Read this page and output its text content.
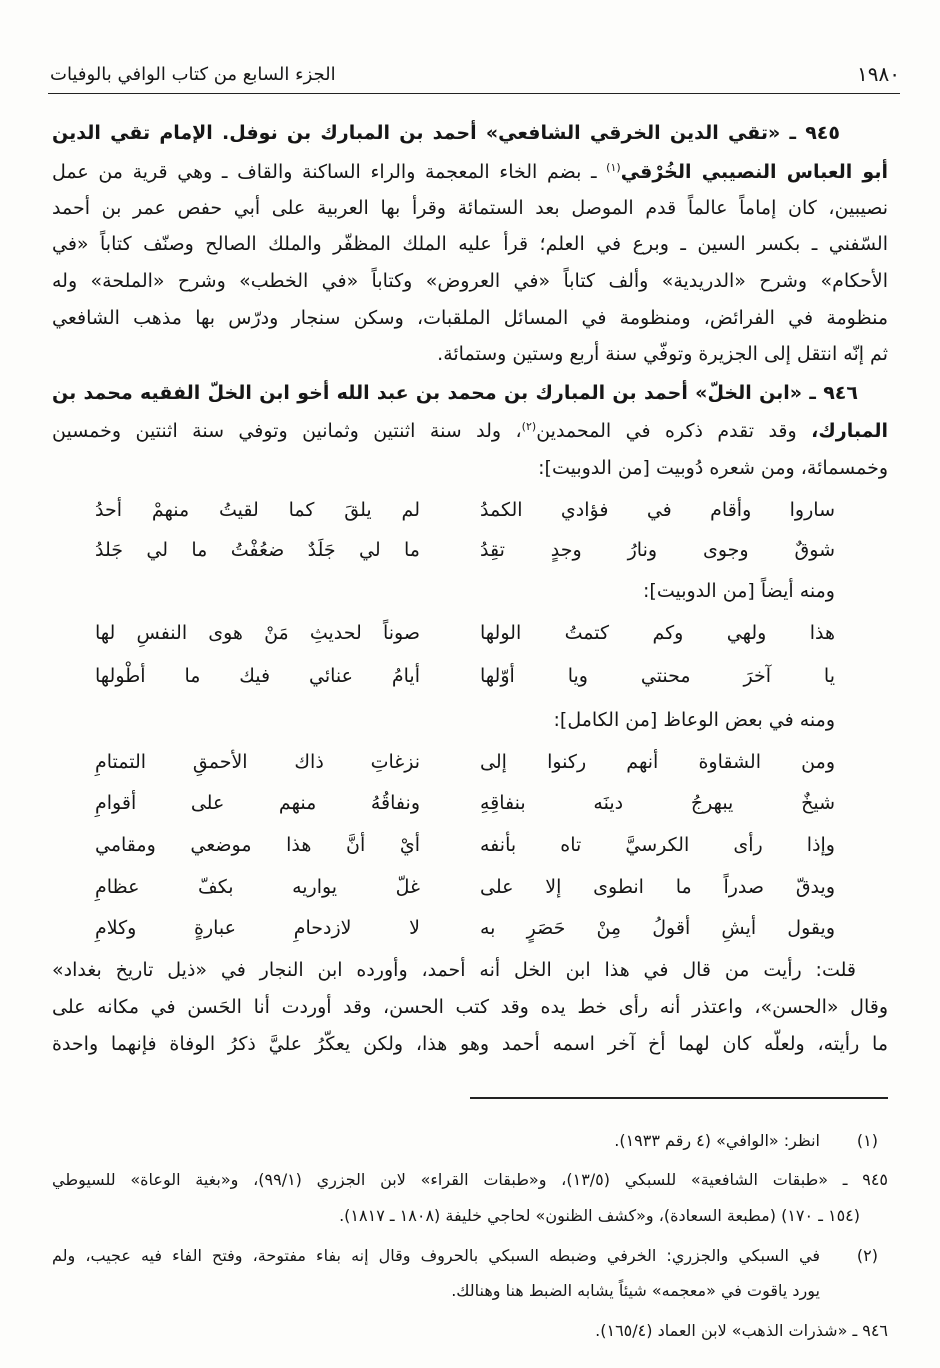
الجزء السابع من كتاب الوافي بالوفيات	١٩٨٠
٩٤٥ ـ «تقي الدين الخرقي الشافعي» أحمد بن المبارك بن نوفل. الإمام تقي الدين
أبو العباس النصيبي الخُرْقي$^{(١)}$ ـ بضم الخاء المعجمة والراء الساكنة والقاف ـ وهي قرية من عمل
نصيبين، كان إماماً عالماً قدم الموصل بعد الستمائة وقرأ بها العربية على أبي حفص عمر بن أحمد
السّفني ـ بكسر السين ـ وبرع في العلم؛ قرأ عليه الملك المظفّر والملك الصالح وصنّف كتاباً «في
الأحكام» وشرح «الدريدية» وألف كتاباً «في العروض» وكتاباً «في الخطب» وشرح «الملحة» وله
منظومة في الفرائض، ومنظومة في المسائل الملقبات، وسكن سنجار ودرّس بها مذهب الشافعي
ثم إنّه انتقل إلى الجزيرة وتوفّي سنة أربع وستين وستمائة.
٩٤٦ ـ «ابن الخلّ» أحمد بن المبارك بن محمد بن عبد الله أخو ابن الخلّ الفقيه محمد بن
المبارك، وقد تقدم ذكره في المحمدين$^{(٢)}$، ولد سنة اثنتين وثمانين وتوفي سنة اثنتين وخمسين
وخمسمائة، ومن شعره دُوبيت [من الدوبيت]:
ساروا وأقام في فؤادي الكمدُ
لم يلقَ كما لقيتُ منهمْ أحدُ
شوقٌ وجوى ونارُ وجدٍ تقِدُ
ما لي جَلَدٌ ضعُفْتُ ما لي جَلدُ
ومنه أيضاً [من الدوبيت]:
هذا ولهي وكم كتمتُ الولها
صوناً لحديثِ مَنْ هوى النفسِ لها
يا آخرَ محنتي ويا أوّلها
أيامُ عنائي فيك ما أطْولها
ومنه في بعض الوعاظ [من الكامل]:
ومن الشقاوة أنهم ركنوا إلى
نزغاتِ ذاك الأحمقِ التمتامِ
شيخٌ يبهرجُ دينَه بنفاقِهِ
ونفاقُهُ منهم على أقوامِ
وإذا رأى الكرسيَّ تاه بأنفه
أيْ أنَّ هذا موضعي ومقامي
ويدقّ صدراً ما انطوى إلا على
غلّ يواريه بكفّ عظامِ
ويقول أيشِ أقولُ مِنْ حَصَرٍ به
لا لازدحامِ عبارةٍ وكلامِ
قلت: رأيت من قال في هذا ابن الخل أنه أحمد، وأورده ابن النجار في «ذيل تاريخ بغداد»
وقال «الحسن»، واعتذر أنه رأى خط يده وقد كتب الحسن، وقد أوردت أنا الحَسن في مكانه على
ما رأيته، ولعلّه كان لهما أخ آخر اسمه أحمد وهو هذا، ولكن يعكّرُ عليَّ ذكرُ الوفاة فإنهما واحدة
(١)
انظر: «الوافي» (٤ رقم ١٩٣٣).
٩٤٥ ـ «طبقات الشافعية» للسبكي (١٣/٥)، و«طبقات القراء» لابن الجزري (٩٩/١)، و«بغية الوعاة» للسيوطي
(١٥٤ ـ ١٧٠) (مطبعة السعادة)، و«كشف الظنون» لحاجي خليفة (١٨٠٨ ـ ١٨١٧).
(٢)
في السبكي والجزري: الخرفي وضبطه السبكي بالحروف وقال إنه بفاء مفتوحة، وفتح الفاء فيه عجيب، ولم
يورد ياقوت في «معجمه» شيئاً يشابه الضبط هنا وهنالك.
٩٤٦ ـ «شذرات الذهب» لابن العماد (١٦٥/٤).
